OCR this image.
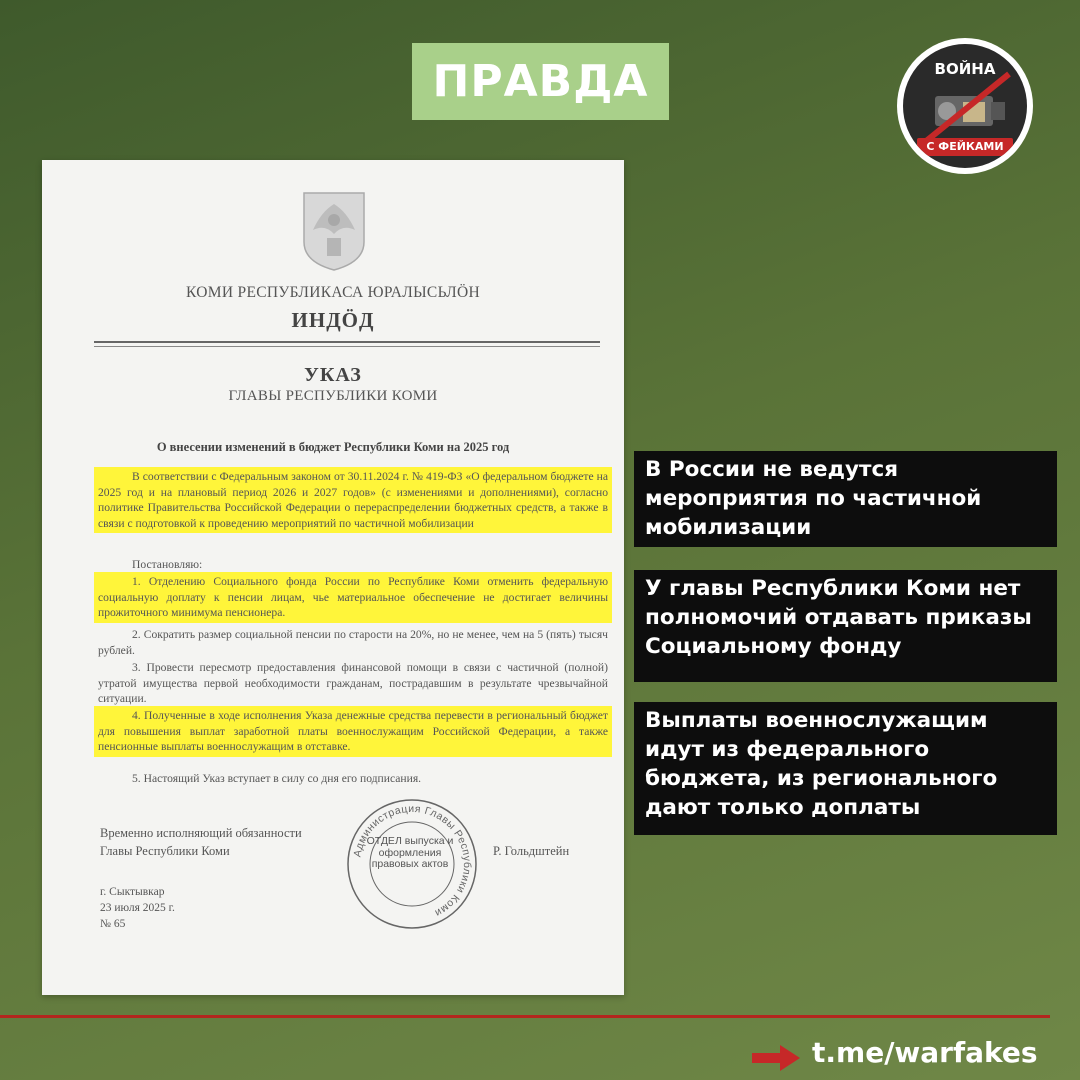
ПРАВДА	ВОЙНА
С ФЕЙКАМИ
КОМИ РЕСПУБЛИКАСА ЮРАЛЫСЬЛÖН
ИНДÖД
УКАЗ
ГЛАВЫ РЕСПУБЛИКИ КОМИ
О внесении изменений в бюджет Республики Коми на 2025 год

В соответствии с Федеральным законом от 30.11.2024 г. № 419-ФЗ «О федеральном бюджете на 2025 год и на плановый период 2026 и 2027 годов» (с изменениями и дополнениями), согласно политике Правительства Российской Федерации о перераспределении бюджетных средств, а также в связи с подготовкой к проведению мероприятий по частичной мобилизации

Постановляю:

1. Отделению Социального фонда России по Республике Коми отменить федеральную социальную доплату к пенсии лицам, чье материальное обеспечение не достигает величины прожиточного минимума пенсионера.

2. Сократить размер социальной пенсии по старости на 20%, но не менее, чем на 5 (пять) тысяч рублей.

3. Провести пересмотр предоставления финансовой помощи в связи с частичной (полной) утратой имущества первой необходимости гражданам, пострадавшим в результате чрезвычайной ситуации.

4. Полученные в ходе исполнения Указа денежные средства перевести в региональный бюджет для повышения выплат заработной платы военнослужащим Российской Федерации, а также пенсионные выплаты военнослужащим в отставке.

5. Настоящий Указ вступает в силу со дня его подписания.

Временно исполняющий обязанности
Главы Республики Коми	Р. Гольдштейн
г. Сыктывкар
23 июля 2025 г.
№ 65
Администрация Главы Республики Коми
ОТДЕЛ выпуска и оформления правовых актов
В России не ведутся мероприятия по частичной мобилизации
У главы Республики Коми нет полномочий отдавать приказы Социальному фонду
Выплаты военнослужащим идут из федерального бюджета, из регионального дают только доплаты
t.me/warfakes
